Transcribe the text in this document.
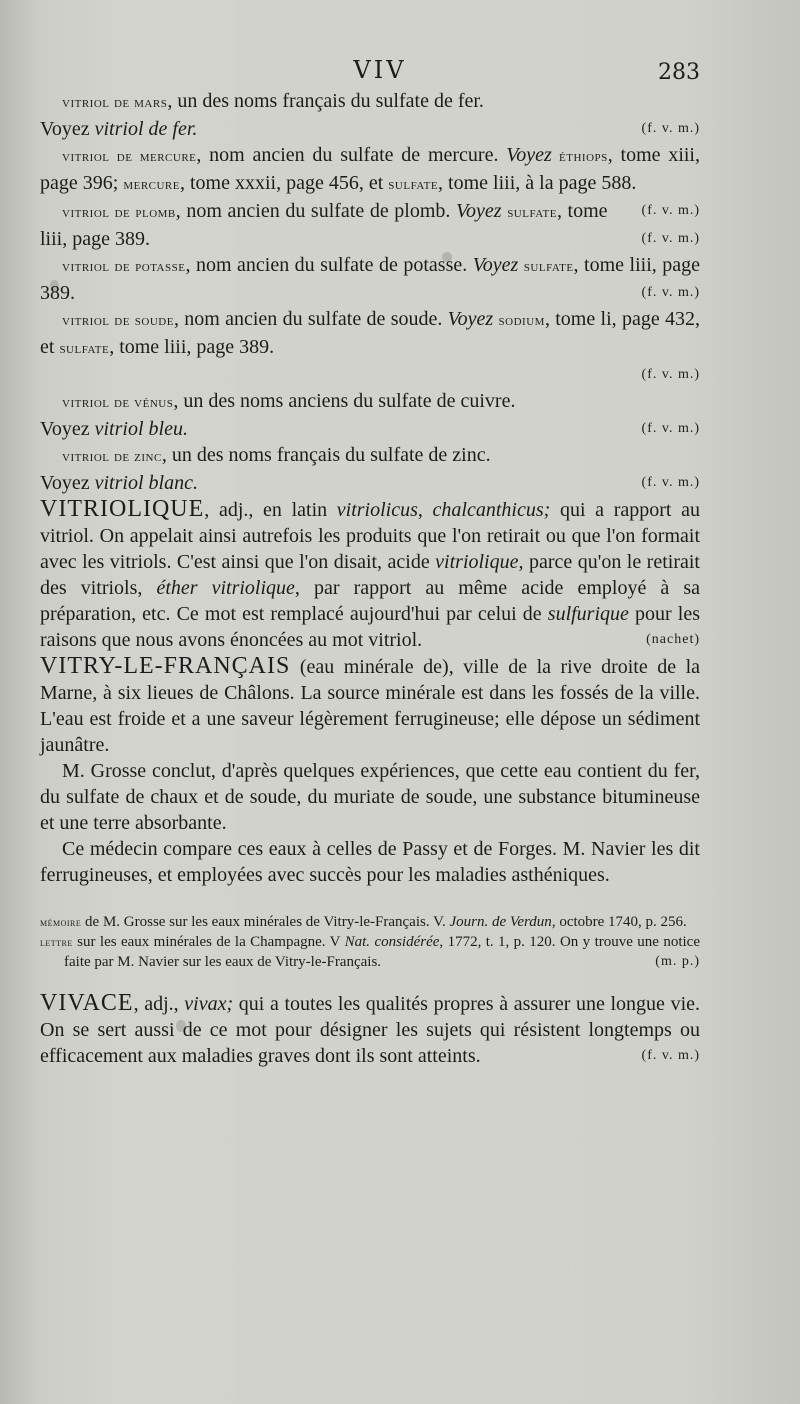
VIV	283

vitriol de mars, un des noms français du sulfate de fer.

Voyez vitriol de fer.	(f. v. m.)

vitriol de mercure, nom ancien du sulfate de mercure. Voyez éthiops, tome xiii, page 396; mercure, tome xxxii, page 456, et sulfate, tome liii, à la page 588.
(f. v. m.)

vitriol de plomb, nom ancien du sulfate de plomb. Voyez sulfate, tome liii, page 389.	(f. v. m.)

vitriol de potasse, nom ancien du sulfate de potasse. Voyez sulfate, tome liii, page 389.	(f. v. m.)

vitriol de soude, nom ancien du sulfate de soude. Voyez sodium, tome li, page 432, et sulfate, tome liii, page 389.

(f. v. m.)

vitriol de vénus, un des noms anciens du sulfate de cuivre.

Voyez vitriol bleu.	(f. v. m.)

vitriol de zinc, un des noms français du sulfate de zinc.

Voyez vitriol blanc.	(f. v. m.)

VITRIOLIQUE, adj., en latin vitriolicus, chalcanthicus; qui a rapport au vitriol. On appelait ainsi autrefois les produits que l'on retirait ou que l'on formait avec les vitriols. C'est ainsi que l'on disait, acide vitriolique, parce qu'on le retirait des vitriols, éther vitriolique, par rapport au même acide employé à sa préparation, etc. Ce mot est remplacé aujourd'hui par celui de sulfurique pour les raisons que nous avons énoncées au mot vitriol.	(nachet)

VITRY-LE-FRANÇAIS (eau minérale de), ville de la rive droite de la Marne, à six lieues de Châlons. La source minérale est dans les fossés de la ville. L'eau est froide et a une saveur légèrement ferrugineuse; elle dépose un sédiment jaunâtre.

M. Grosse conclut, d'après quelques expériences, que cette eau contient du fer, du sulfate de chaux et de soude, du muriate de soude, une substance bitumineuse et une terre absorbante.

Ce médecin compare ces eaux à celles de Passy et de Forges. M. Navier les dit ferrugineuses, et employées avec succès pour les maladies asthéniques.

mémoire de M. Grosse sur les eaux minérales de Vitry-le-Français. V. Journ. de Verdun, octobre 1740, p. 256.

lettre sur les eaux minérales de la Champagne. V Nat. considérée, 1772, t. 1, p. 120. On y trouve une notice faite par M. Navier sur les eaux de Vitry-le-Français.	(m. p.)

VIVACE, adj., vivax; qui a toutes les qualités propres à assurer une longue vie. On se sert aussi de ce mot pour désigner les sujets qui résistent longtemps ou efficacement aux maladies graves dont ils sont atteints.	(f. v. m.)
